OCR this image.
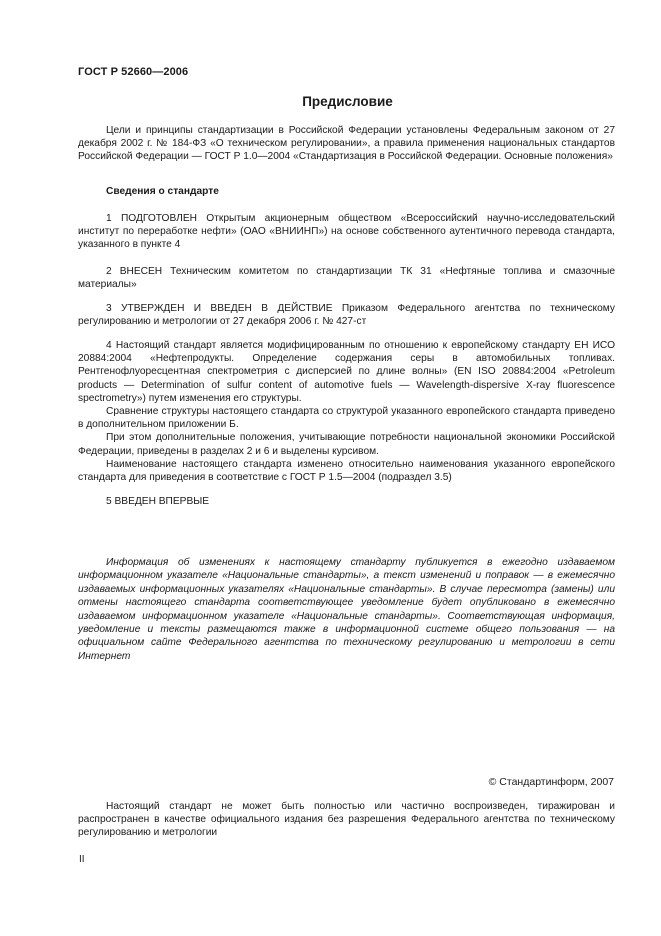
ГОСТ Р 52660—2006
Предисловие

Цели и принципы стандартизации в Российской Федерации установлены Федеральным законом от 27 декабря 2002 г. № 184-ФЗ «О техническом регулировании», а правила применения национальных стандартов Российской Федерации — ГОСТ Р 1.0—2004 «Стандартизация в Российской Федерации. Основные положения»

Сведения о стандарте

1 ПОДГОТОВЛЕН Открытым акционерным обществом «Всероссийский научно-исследовательский институт по переработке нефти» (ОАО «ВНИИНП») на основе собственного аутентичного перевода стандарта, указанного в пункте 4

2 ВНЕСЕН Техническим комитетом по стандартизации ТК 31 «Нефтяные топлива и смазочные материалы»

3 УТВЕРЖДЕН И ВВЕДЕН В ДЕЙСТВИЕ Приказом Федерального агентства по техническому регулированию и метрологии от 27 декабря 2006 г. № 427-ст

4 Настоящий стандарт является модифицированным по отношению к европейскому стандарту ЕН ИСО 20884:2004 «Нефтепродукты. Определение содержания серы в автомобильных топливах. Рентгенофлуоресцентная спектрометрия с дисперсией по длине волны» (EN ISO 20884:2004 «Petroleum products — Determination of sulfur content of automotive fuels — Wavelength-dispersive X-ray fluorescence spectrometry») путем изменения его структуры.

Сравнение структуры настоящего стандарта со структурой указанного европейского стандарта приведено в дополнительном приложении Б.

При этом дополнительные положения, учитывающие потребности национальной экономики Российской Федерации, приведены в разделах 2 и 6 и выделены курсивом.

Наименование настоящего стандарта изменено относительно наименования указанного европейского стандарта для приведения в соответствие с ГОСТ Р 1.5—2004 (подраздел 3.5)

5 ВВЕДЕН ВПЕРВЫЕ

Информация об изменениях к настоящему стандарту публикуется в ежегодно издаваемом информационном указателе «Национальные стандарты», а текст изменений и поправок — в ежемесячно издаваемых информационных указателях «Национальные стандарты». В случае пересмотра (замены) или отмены настоящего стандарта соответствующее уведомление будет опубликовано в ежемесячно издаваемом информационном указателе «Национальные стандарты». Соответствующая информация, уведомление и тексты размещаются также в информационной системе общего пользования — на официальном сайте Федерального агентства по техническому регулированию и метрологии в сети Интернет

© Стандартинформ, 2007

Настоящий стандарт не может быть полностью или частично воспроизведен, тиражирован и распространен в качестве официального издания без разрешения Федерального агентства по техническому регулированию и метрологии

II
